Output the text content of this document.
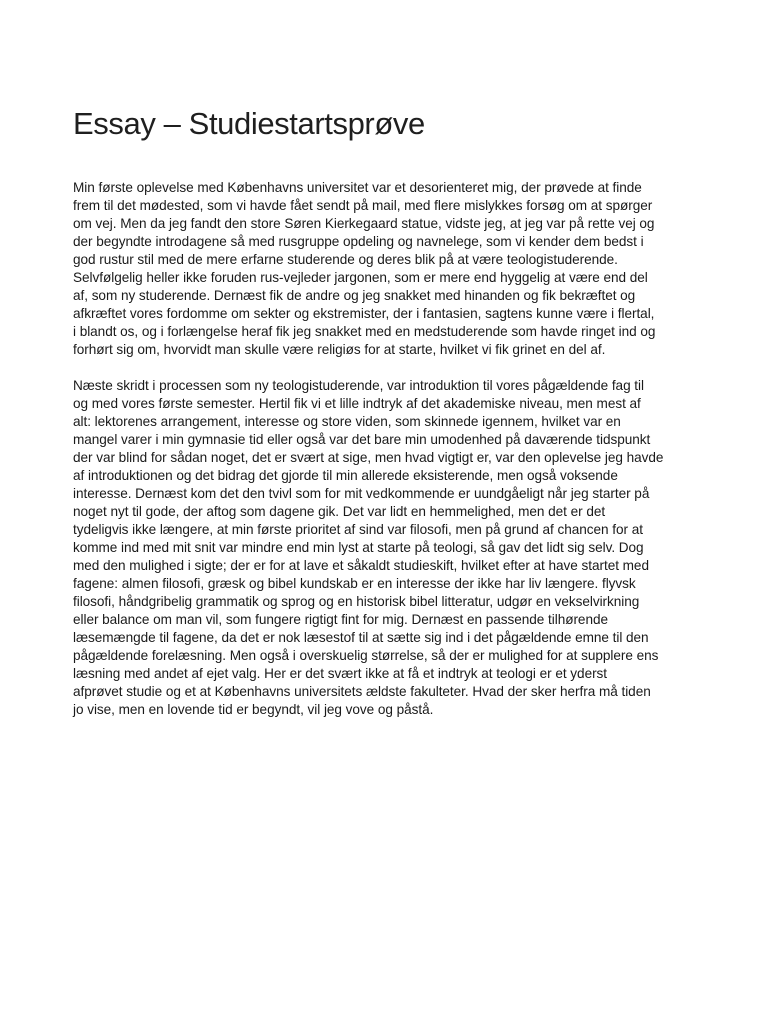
Essay – Studiestartsprøve

Min første oplevelse med Københavns universitet var et desorienteret mig, der prøvede at finde
frem til det mødested, som vi havde fået sendt på mail, med flere mislykkes forsøg om at spørger
om vej. Men da jeg fandt den store Søren Kierkegaard statue, vidste jeg, at jeg var på rette vej og
der begyndte introdagene så med rusgruppe opdeling og navnelege, som vi kender dem bedst i
god rustur stil med de mere erfarne studerende og deres blik på at være teologistuderende.
Selvfølgelig heller ikke foruden rus-vejleder jargonen, som er mere end hyggelig at være end del
af, som ny studerende. Dernæst fik de andre og jeg snakket med hinanden og fik bekræftet og
afkræftet vores fordomme om sekter og ekstremister, der i fantasien, sagtens kunne være i flertal,
i blandt os, og i forlængelse heraf fik jeg snakket med en medstuderende som havde ringet ind og
forhørt sig om, hvorvidt man skulle være religiøs for at starte, hvilket vi fik grinet en del af.

Næste skridt i processen som ny teologistuderende, var introduktion til vores pågældende fag til
og med vores første semester. Hertil fik vi et lille indtryk af det akademiske niveau, men mest af
alt: lektorenes arrangement, interesse og store viden, som skinnede igennem, hvilket var en
mangel varer i min gymnasie tid eller også var det bare min umodenhed på daværende tidspunkt
der var blind for sådan noget, det er svært at sige, men hvad vigtigt er, var den oplevelse jeg havde
af introduktionen og det bidrag det gjorde til min allerede eksisterende, men også voksende
interesse. Dernæst kom det den tvivl som for mit vedkommende er uundgåeligt når jeg starter på
noget nyt til gode, der aftog som dagene gik. Det var lidt en hemmelighed, men det er det
tydeligvis ikke længere, at min første prioritet af sind var filosofi, men på grund af chancen for at
komme ind med mit snit var mindre end min lyst at starte på teologi, så gav det lidt sig selv. Dog
med den mulighed i sigte; der er for at lave et såkaldt studieskift, hvilket efter at have startet med
fagene: almen filosofi, græsk og bibel kundskab er en interesse der ikke har liv længere. flyvsk
filosofi, håndgribelig grammatik og sprog og en historisk bibel litteratur, udgør en vekselvirkning
eller balance om man vil, som fungere rigtigt fint for mig. Dernæst en passende tilhørende
læsemængde til fagene, da det er nok læsestof til at sætte sig ind i det pågældende emne til den
pågældende forelæsning. Men også i overskuelig størrelse, så der er mulighed for at supplere ens
læsning med andet af ejet valg. Her er det svært ikke at få et indtryk at teologi er et yderst
afprøvet studie og et at Københavns universitets ældste fakulteter. Hvad der sker herfra må tiden
jo vise, men en lovende tid er begyndt, vil jeg vove og påstå.
